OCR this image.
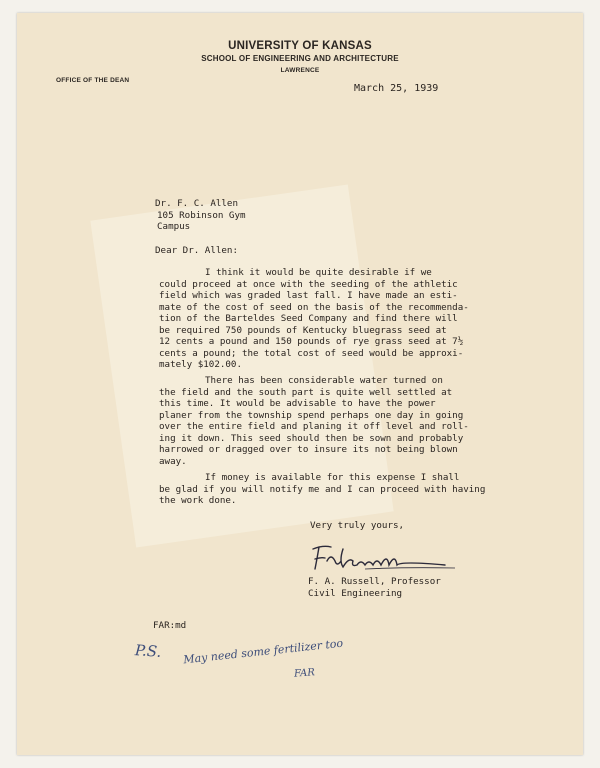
UNIVERSITY OF KANSAS
SCHOOL OF ENGINEERING AND ARCHITECTURE
LAWRENCE
OFFICE OF THE DEAN
March 25, 1939
Dr. F. C. Allen
105 Robinson Gym
Campus
Dear Dr. Allen:
I think it would be quite desirable if we
could proceed at once with the seeding of the athletic
field which was graded last fall. I have made an esti-
mate of the cost of seed on the basis of the recommenda-
tion of the Barteldes Seed Company and find there will
be required 750 pounds of Kentucky bluegrass seed at
12 cents a pound and 150 pounds of rye grass seed at 7½
cents a pound; the total cost of seed would be approxi-
mately $102.00.
There has been considerable water turned on
the field and the south part is quite well settled at
this time. It would be advisable to have the power
planer from the township spend perhaps one day in going
over the entire field and planing it off level and roll-
ing it down. This seed should then be sown and probably
harrowed or dragged over to insure its not being blown
away.
If money is available for this expense I shall
be glad if you will notify me and I can proceed with having
the work done.
Very truly yours,
F. A. Russell, Professor
Civil Engineering
FAR:md
P.S. May need some fertilizer too
FAR
